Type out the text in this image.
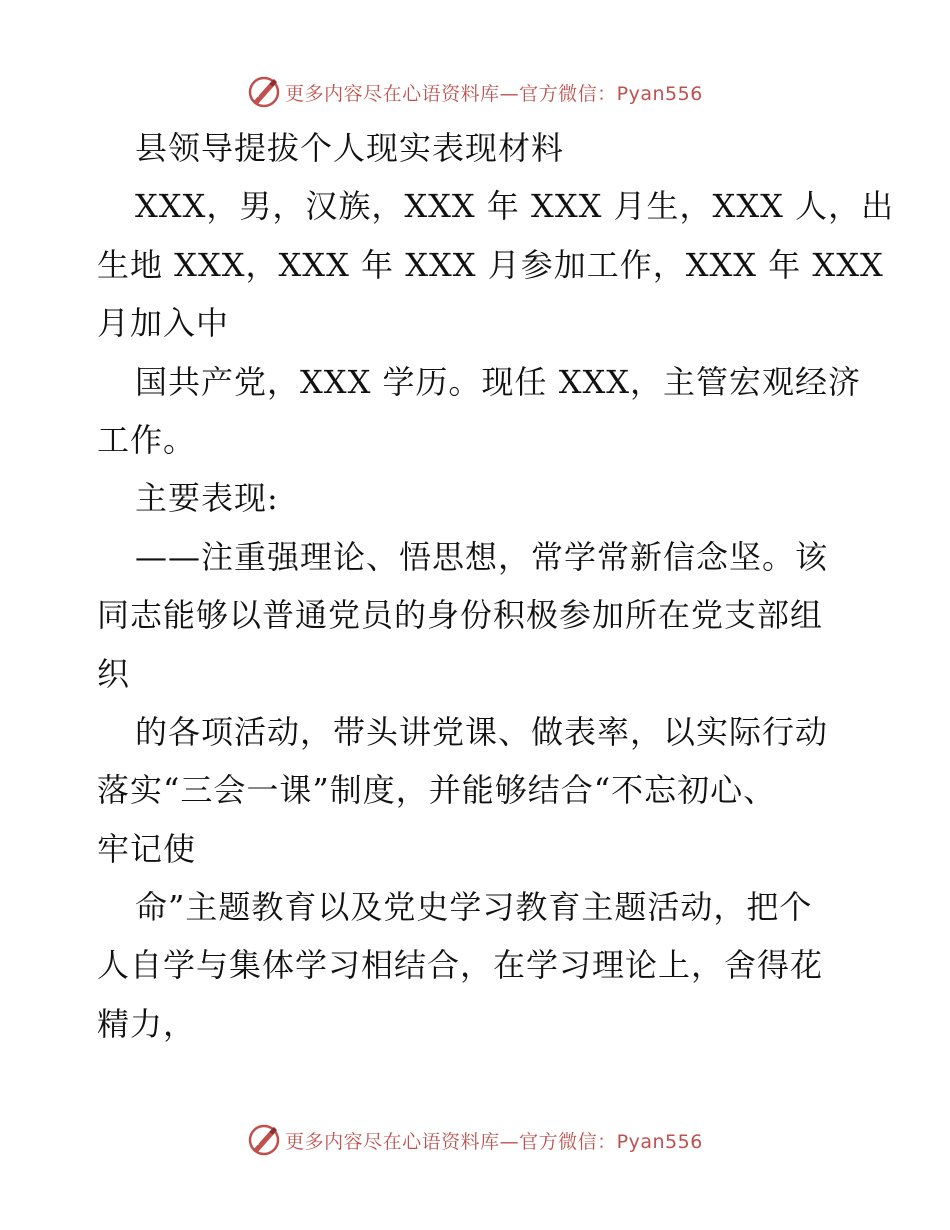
更多内容尽在心语资料库—官方微信：Pyan556
县领导提拔个人现实表现材料
XXX，男，汉族，XXX 年 XXX 月生，XXX 人，出
生地 XXX，XXX 年 XXX 月参加工作，XXX 年 XXX
月加入中
国共产党，XXX 学历。现任 XXX，主管宏观经济
工作。
主要表现:
——注重强理论、悟思想，常学常新信念坚。该
同志能够以普通党员的身份积极参加所在党支部组
织
的各项活动，带头讲党课、做表率，以实际行动
落实“三会一课”制度，并能够结合“不忘初心、
牢记使
命”主题教育以及党史学习教育主题活动，把个
人自学与集体学习相结合，在学习理论上，舍得花
精力，
更多内容尽在心语资料库—官方微信：Pyan556
